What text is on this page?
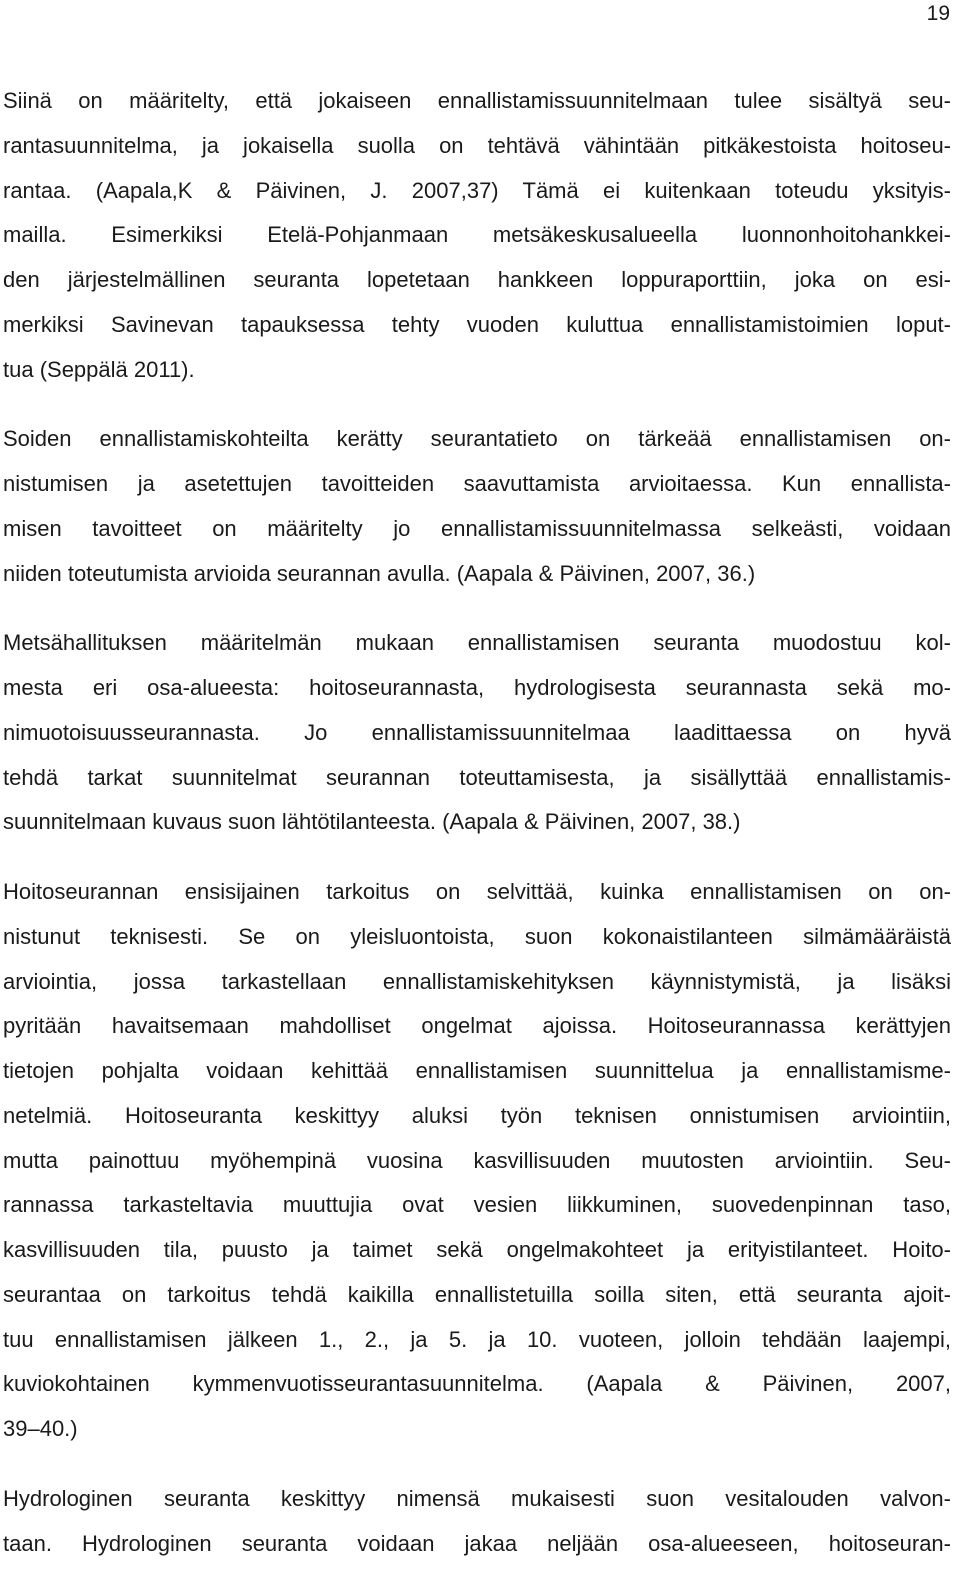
19

Siinä on määritelty, että jokaiseen ennallistamissuunnitelmaan tulee sisältyä seu-
rantasuunnitelma, ja jokaisella suolla on tehtävä vähintään pitkäkestoista hoitoseu-
rantaa. (Aapala,K & Päivinen, J. 2007,37) Tämä ei kuitenkaan toteudu yksityis-
mailla. Esimerkiksi Etelä-Pohjanmaan metsäkeskusalueella luonnonhoitohankkei-
den järjestelmällinen seuranta lopetetaan hankkeen loppuraporttiin, joka on esi-
merkiksi Savinevan tapauksessa tehty vuoden kuluttua ennallistamistoimien loput-
tua (Seppälä 2011).

Soiden ennallistamiskohteilta kerätty seurantatieto on tärkeää ennallistamisen on-
nistumisen ja asetettujen tavoitteiden saavuttamista arvioitaessa. Kun ennallista-
misen tavoitteet on määritelty jo ennallistamissuunnitelmassa selkeästi, voidaan
niiden toteutumista arvioida seurannan avulla. (Aapala & Päivinen, 2007, 36.)

Metsähallituksen määritelmän mukaan ennallistamisen seuranta muodostuu kol-
mesta eri osa-alueesta: hoitoseurannasta, hydrologisesta seurannasta sekä mo-
nimuotoisuusseurannasta. Jo ennallistamissuunnitelmaa laadittaessa on hyvä
tehdä tarkat suunnitelmat seurannan toteuttamisesta, ja sisällyttää ennallistamis-
suunnitelmaan kuvaus suon lähtötilanteesta. (Aapala & Päivinen, 2007, 38.)

Hoitoseurannan ensisijainen tarkoitus on selvittää, kuinka ennallistamisen on on-
nistunut teknisesti. Se on yleisluontoista, suon kokonaistilanteen silmämääräistä
arviointia, jossa tarkastellaan ennallistamiskehityksen käynnistymistä, ja lisäksi
pyritään havaitsemaan mahdolliset ongelmat ajoissa. Hoitoseurannassa kerättyjen
tietojen pohjalta voidaan kehittää ennallistamisen suunnittelua ja ennallistamisme-
netelmiä. Hoitoseuranta keskittyy aluksi työn teknisen onnistumisen arviointiin,
mutta painottuu myöhempinä vuosina kasvillisuuden muutosten arviointiin. Seu-
rannassa tarkasteltavia muuttujia ovat vesien liikkuminen, suovedenpinnan taso,
kasvillisuuden tila, puusto ja taimet sekä ongelmakohteet ja erityistilanteet. Hoito-
seurantaa on tarkoitus tehdä kaikilla ennallistetuilla soilla siten, että seuranta ajoit-
tuu ennallistamisen jälkeen 1., 2., ja 5. ja 10. vuoteen, jolloin tehdään laajempi,
kuviokohtainen kymmenvuotisseurantasuunnitelma. (Aapala & Päivinen, 2007,
39–40.)

Hydrologinen seuranta keskittyy nimensä mukaisesti suon vesitalouden valvon-
taan. Hydrologinen seuranta voidaan jakaa neljään osa-alueeseen, hoitoseuran-
